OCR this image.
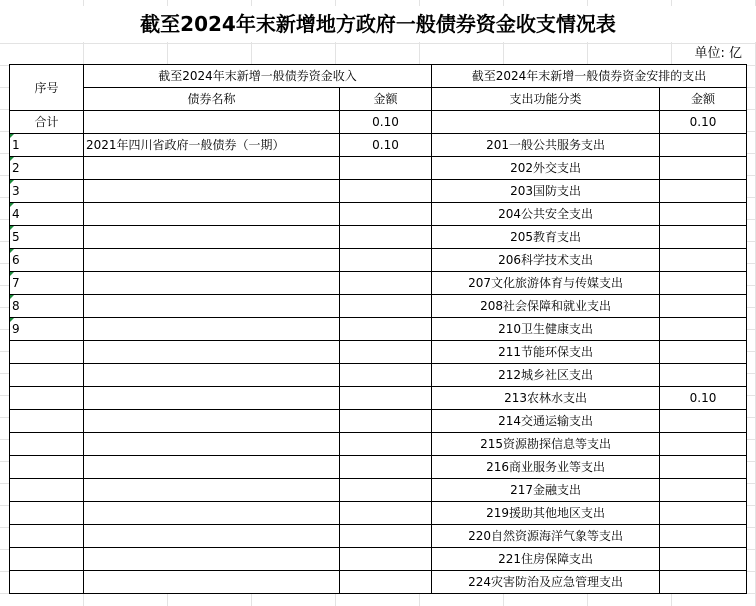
截至2024年末新增地方政府一般债券资金收支情况表
单位: 亿
序号	截至2024年末新增一般债券资金收入		截至2024年末新增一般债券资金安排的支出	
	债券名称	金额	支出功能分类	金额
合计		0.10		0.10
1	2021年四川省政府一般债券（一期）	0.10	201一般公共服务支出	
2			202外交支出	
3			203国防支出	
4			204公共安全支出	
5			205教育支出	
6			206科学技术支出	
7			207文化旅游体育与传媒支出	
8			208社会保障和就业支出	
9			210卫生健康支出	
			211节能环保支出	
			212城乡社区支出	
			213农林水支出	0.10
			214交通运输支出	
			215资源勘探信息等支出	
			216商业服务业等支出	
			217金融支出	
			219援助其他地区支出	
			220自然资源海洋气象等支出	
			221住房保障支出	
			224灾害防治及应急管理支出	
